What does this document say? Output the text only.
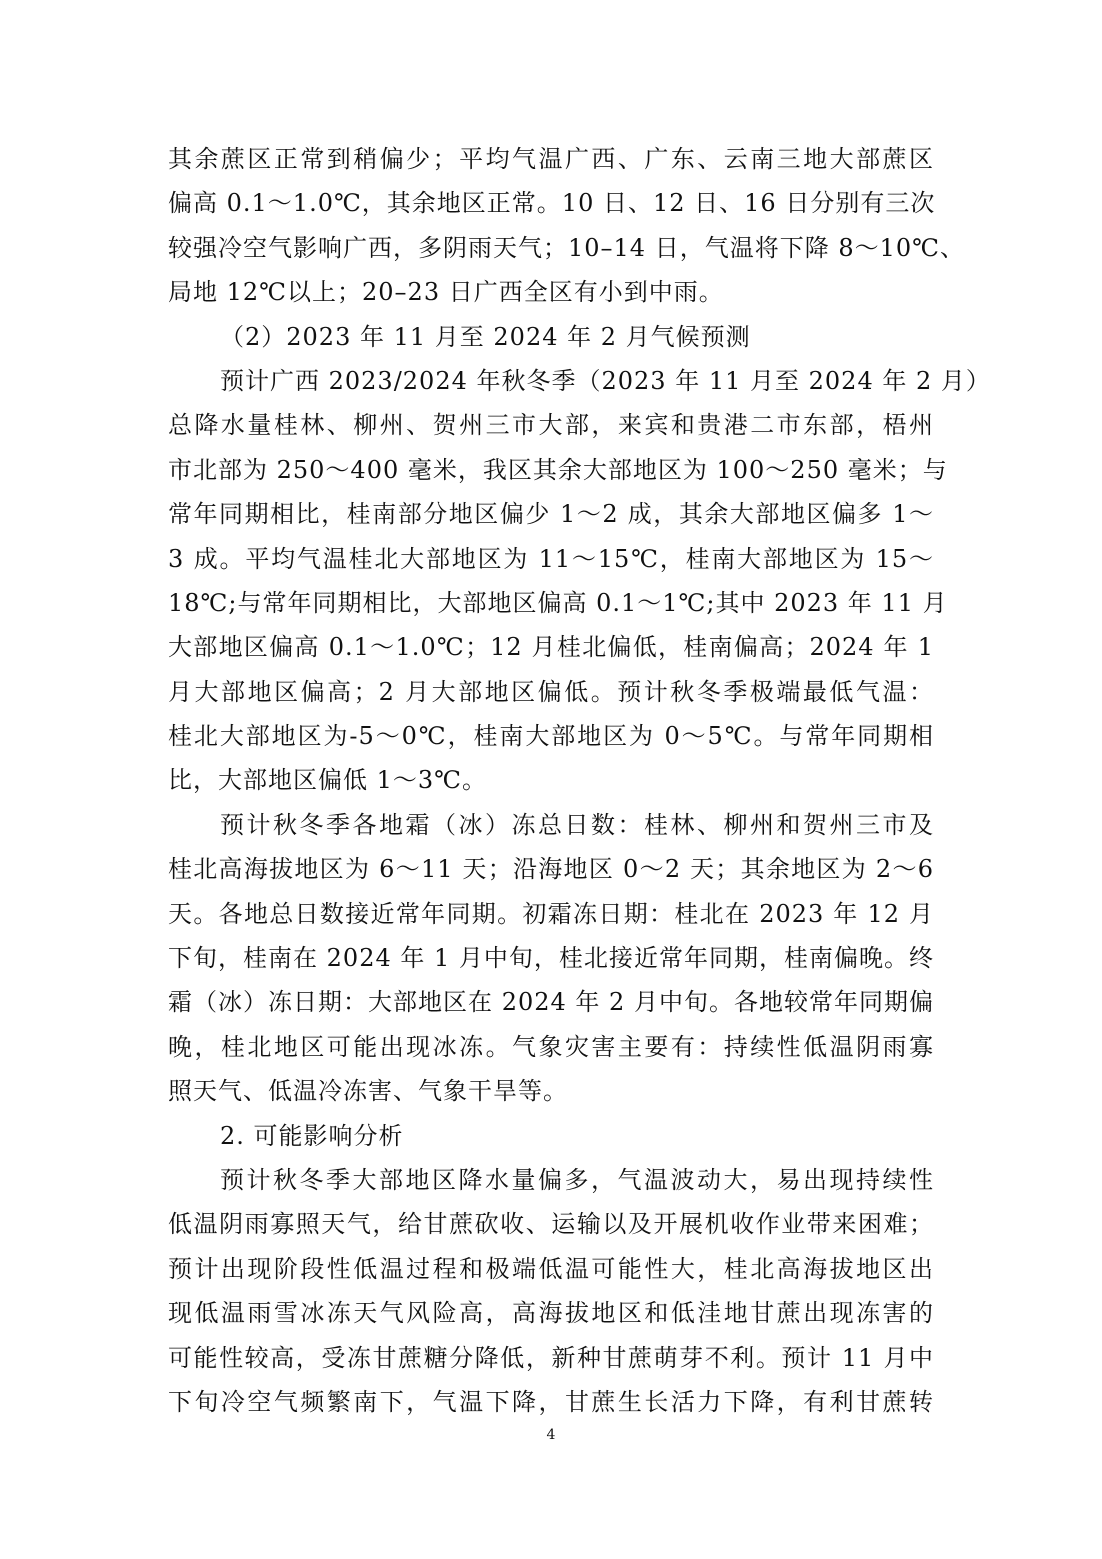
其余蔗区正常到稍偏少；平均气温广西、广东、云南三地大部蔗区
偏高 0.1～1.0℃，其余地区正常。10 日、12 日、16 日分别有三次
较强冷空气影响广西，多阴雨天气；10–14 日，气温将下降 8～10℃、
局地 12℃以上；20–23 日广西全区有小到中雨。
（2）2023 年 11 月至 2024 年 2 月气候预测
预计广西 2023/2024 年秋冬季（2023 年 11 月至 2024 年 2 月）
总降水量桂林、柳州、贺州三市大部，来宾和贵港二市东部，梧州
市北部为 250～400 毫米，我区其余大部地区为 100～250 毫米；与
常年同期相比，桂南部分地区偏少 1～2 成，其余大部地区偏多 1～
3 成。平均气温桂北大部地区为 11～15℃，桂南大部地区为 15～
18℃;与常年同期相比，大部地区偏高 0.1～1℃;其中 2023 年 11 月
大部地区偏高 0.1～1.0℃；12 月桂北偏低，桂南偏高；2024 年 1
月大部地区偏高；2 月大部地区偏低。预计秋冬季极端最低气温：
桂北大部地区为-5～0℃，桂南大部地区为 0～5℃。与常年同期相
比，大部地区偏低 1～3℃。
预计秋冬季各地霜（冰）冻总日数：桂林、柳州和贺州三市及
桂北高海拔地区为 6～11 天；沿海地区 0～2 天；其余地区为 2～6
天。各地总日数接近常年同期。初霜冻日期：桂北在 2023 年 12 月
下旬，桂南在 2024 年 1 月中旬，桂北接近常年同期，桂南偏晚。终
霜（冰）冻日期：大部地区在 2024 年 2 月中旬。各地较常年同期偏
晚，桂北地区可能出现冰冻。气象灾害主要有：持续性低温阴雨寡
照天气、低温冷冻害、气象干旱等。
2. 可能影响分析
预计秋冬季大部地区降水量偏多，气温波动大，易出现持续性
低温阴雨寡照天气，给甘蔗砍收、运输以及开展机收作业带来困难；
预计出现阶段性低温过程和极端低温可能性大，桂北高海拔地区出
现低温雨雪冰冻天气风险高，高海拔地区和低洼地甘蔗出现冻害的
可能性较高，受冻甘蔗糖分降低，新种甘蔗萌芽不利。预计 11 月中
下旬冷空气频繁南下，气温下降，甘蔗生长活力下降，有利甘蔗转
4
